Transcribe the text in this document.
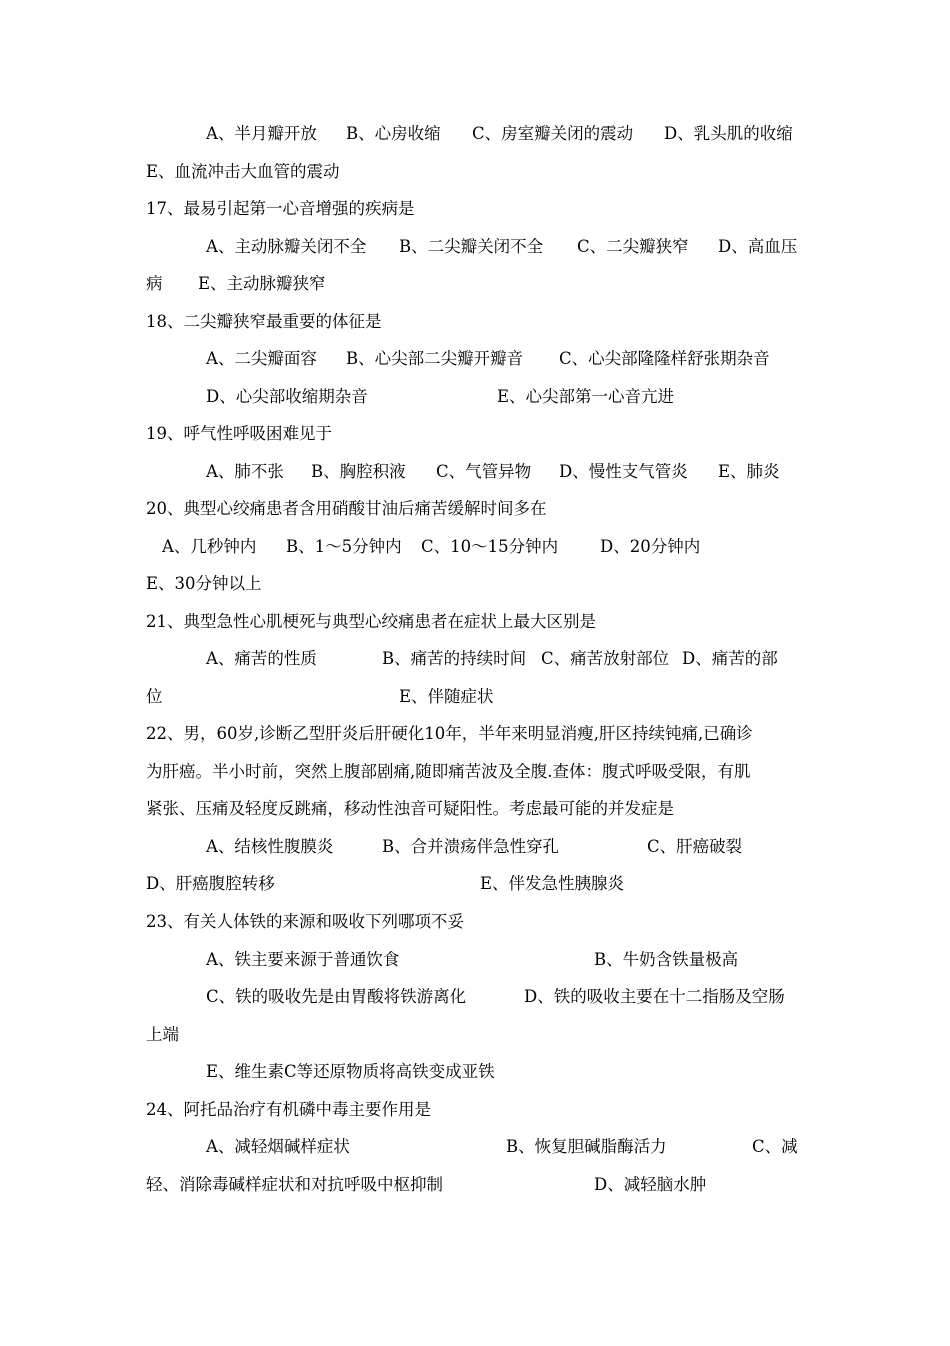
A、半月瓣开放

B、心房收缩

C、房室瓣关闭的震动

D、乳头肌的收缩

E、血流冲击大血管的震动

17、最易引起第一心音增强的疾病是

A、主动脉瓣关闭不全

B、二尖瓣关闭不全

C、二尖瓣狭窄

D、高血压

病

E、主动脉瓣狭窄

18、二尖瓣狭窄最重要的体征是

A、二尖瓣面容

B、心尖部二尖瓣开瓣音

C、心尖部隆隆样舒张期杂音

D、心尖部收缩期杂音

	E、心尖部第一心音亢进

19、呼气性呼吸困难见于

A、肺不张

B、胸腔积液

C、气管异物

D、慢性支气管炎

E、肺炎

20、典型心绞痛患者含用硝酸甘油后痛苦缓解时间多在

A、几秒钟内

B、1～5分钟内

C、10～15分钟内

	D、20分钟内

E、30分钟以上

21、典型急性心肌梗死与典型心绞痛患者在症状上最大区别是

A、痛苦的性质

	B、痛苦的持续时间

C、痛苦放射部位

D、痛苦的部

位

	E、伴随症状

22、男，60岁,诊断乙型肝炎后肝硬化10年，半年来明显消瘦,肝区持续钝痛,已确诊

为肝癌。半小时前，突然上腹部剧痛,随即痛苦波及全腹.查体：腹式呼吸受限，有肌

紧张、压痛及轻度反跳痛，移动性浊音可疑阳性。考虑最可能的并发症是

A、结核性腹膜炎

	B、合并溃疡伴急性穿孔

	C、肝癌破裂

D、肝癌腹腔转移

	E、伴发急性胰腺炎

23、有关人体铁的来源和吸收下列哪项不妥

A、铁主要来源于普通饮食

	B、牛奶含铁量极高

C、铁的吸收先是由胃酸将铁游离化

	D、铁的吸收主要在十二指肠及空肠

上端

E、维生素C等还原物质将高铁变成亚铁

24、阿托品治疗有机磷中毒主要作用是

A、减轻烟碱样症状

	B、恢复胆碱脂酶活力

	C、减

轻、消除毒碱样症状和对抗呼吸中枢抑制

	D、减轻脑水肿
